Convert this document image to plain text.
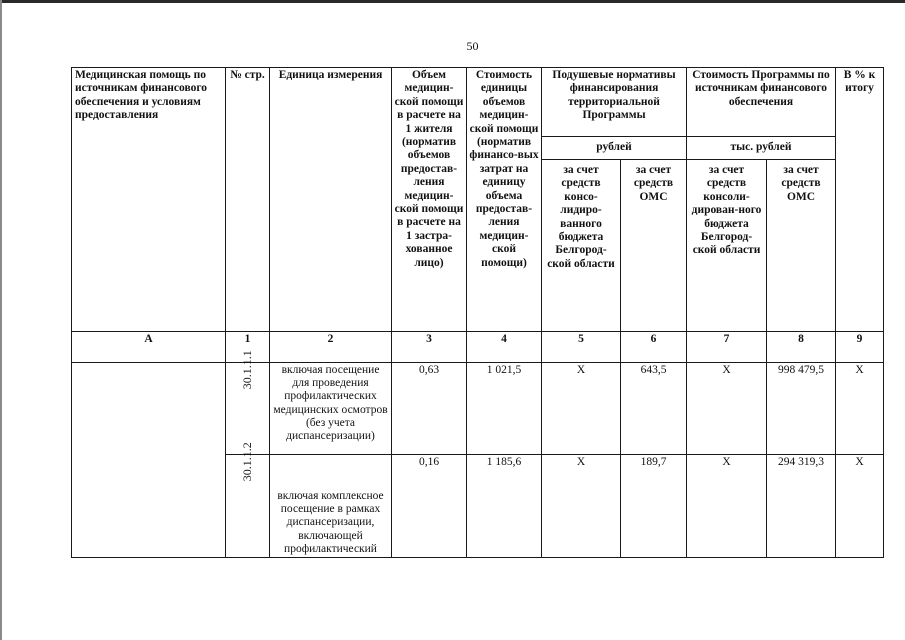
50
Медицинская помощь по источникам финансового обеспечения и условиям предоставления	№ стр.	Единица измерения	Объем медицин-ской помощи в расчете на 1 жителя (норматив объемов предостав-ления медицин-ской помощи в расчете на 1 застра-хованное лицо)	Стоимость единицы объемов медицин-ской помощи (норматив финансо-вых затрат на единицу объема предостав-ления медицин-ской помощи)	Подушевые нормативы финансирования территориальной Программы		Стоимость Программы по источникам финансового обеспечения		В % к итогу
					рублей		тыс. рублей		
					за счет средств консо-лидиро-ванного бюджета Белгород-ской области	за счет средств ОМС	за счет средств консоли-дирован-ного бюджета Белгород-ской области	за счет средств ОМС	
А	1	2	3	4	5	6	7	8	9
	30.1.1.1	включая посещение для проведения профилактических медицинских осмотров (без учета диспансеризации)	0,63	1 021,5	Х	643,5	Х	998 479,5	Х
	30.1.1.2	включая комплексное посещение в рамках диспансеризации, включающей профилактический	0,16	1 185,6	Х	189,7	Х	294 319,3	Х
